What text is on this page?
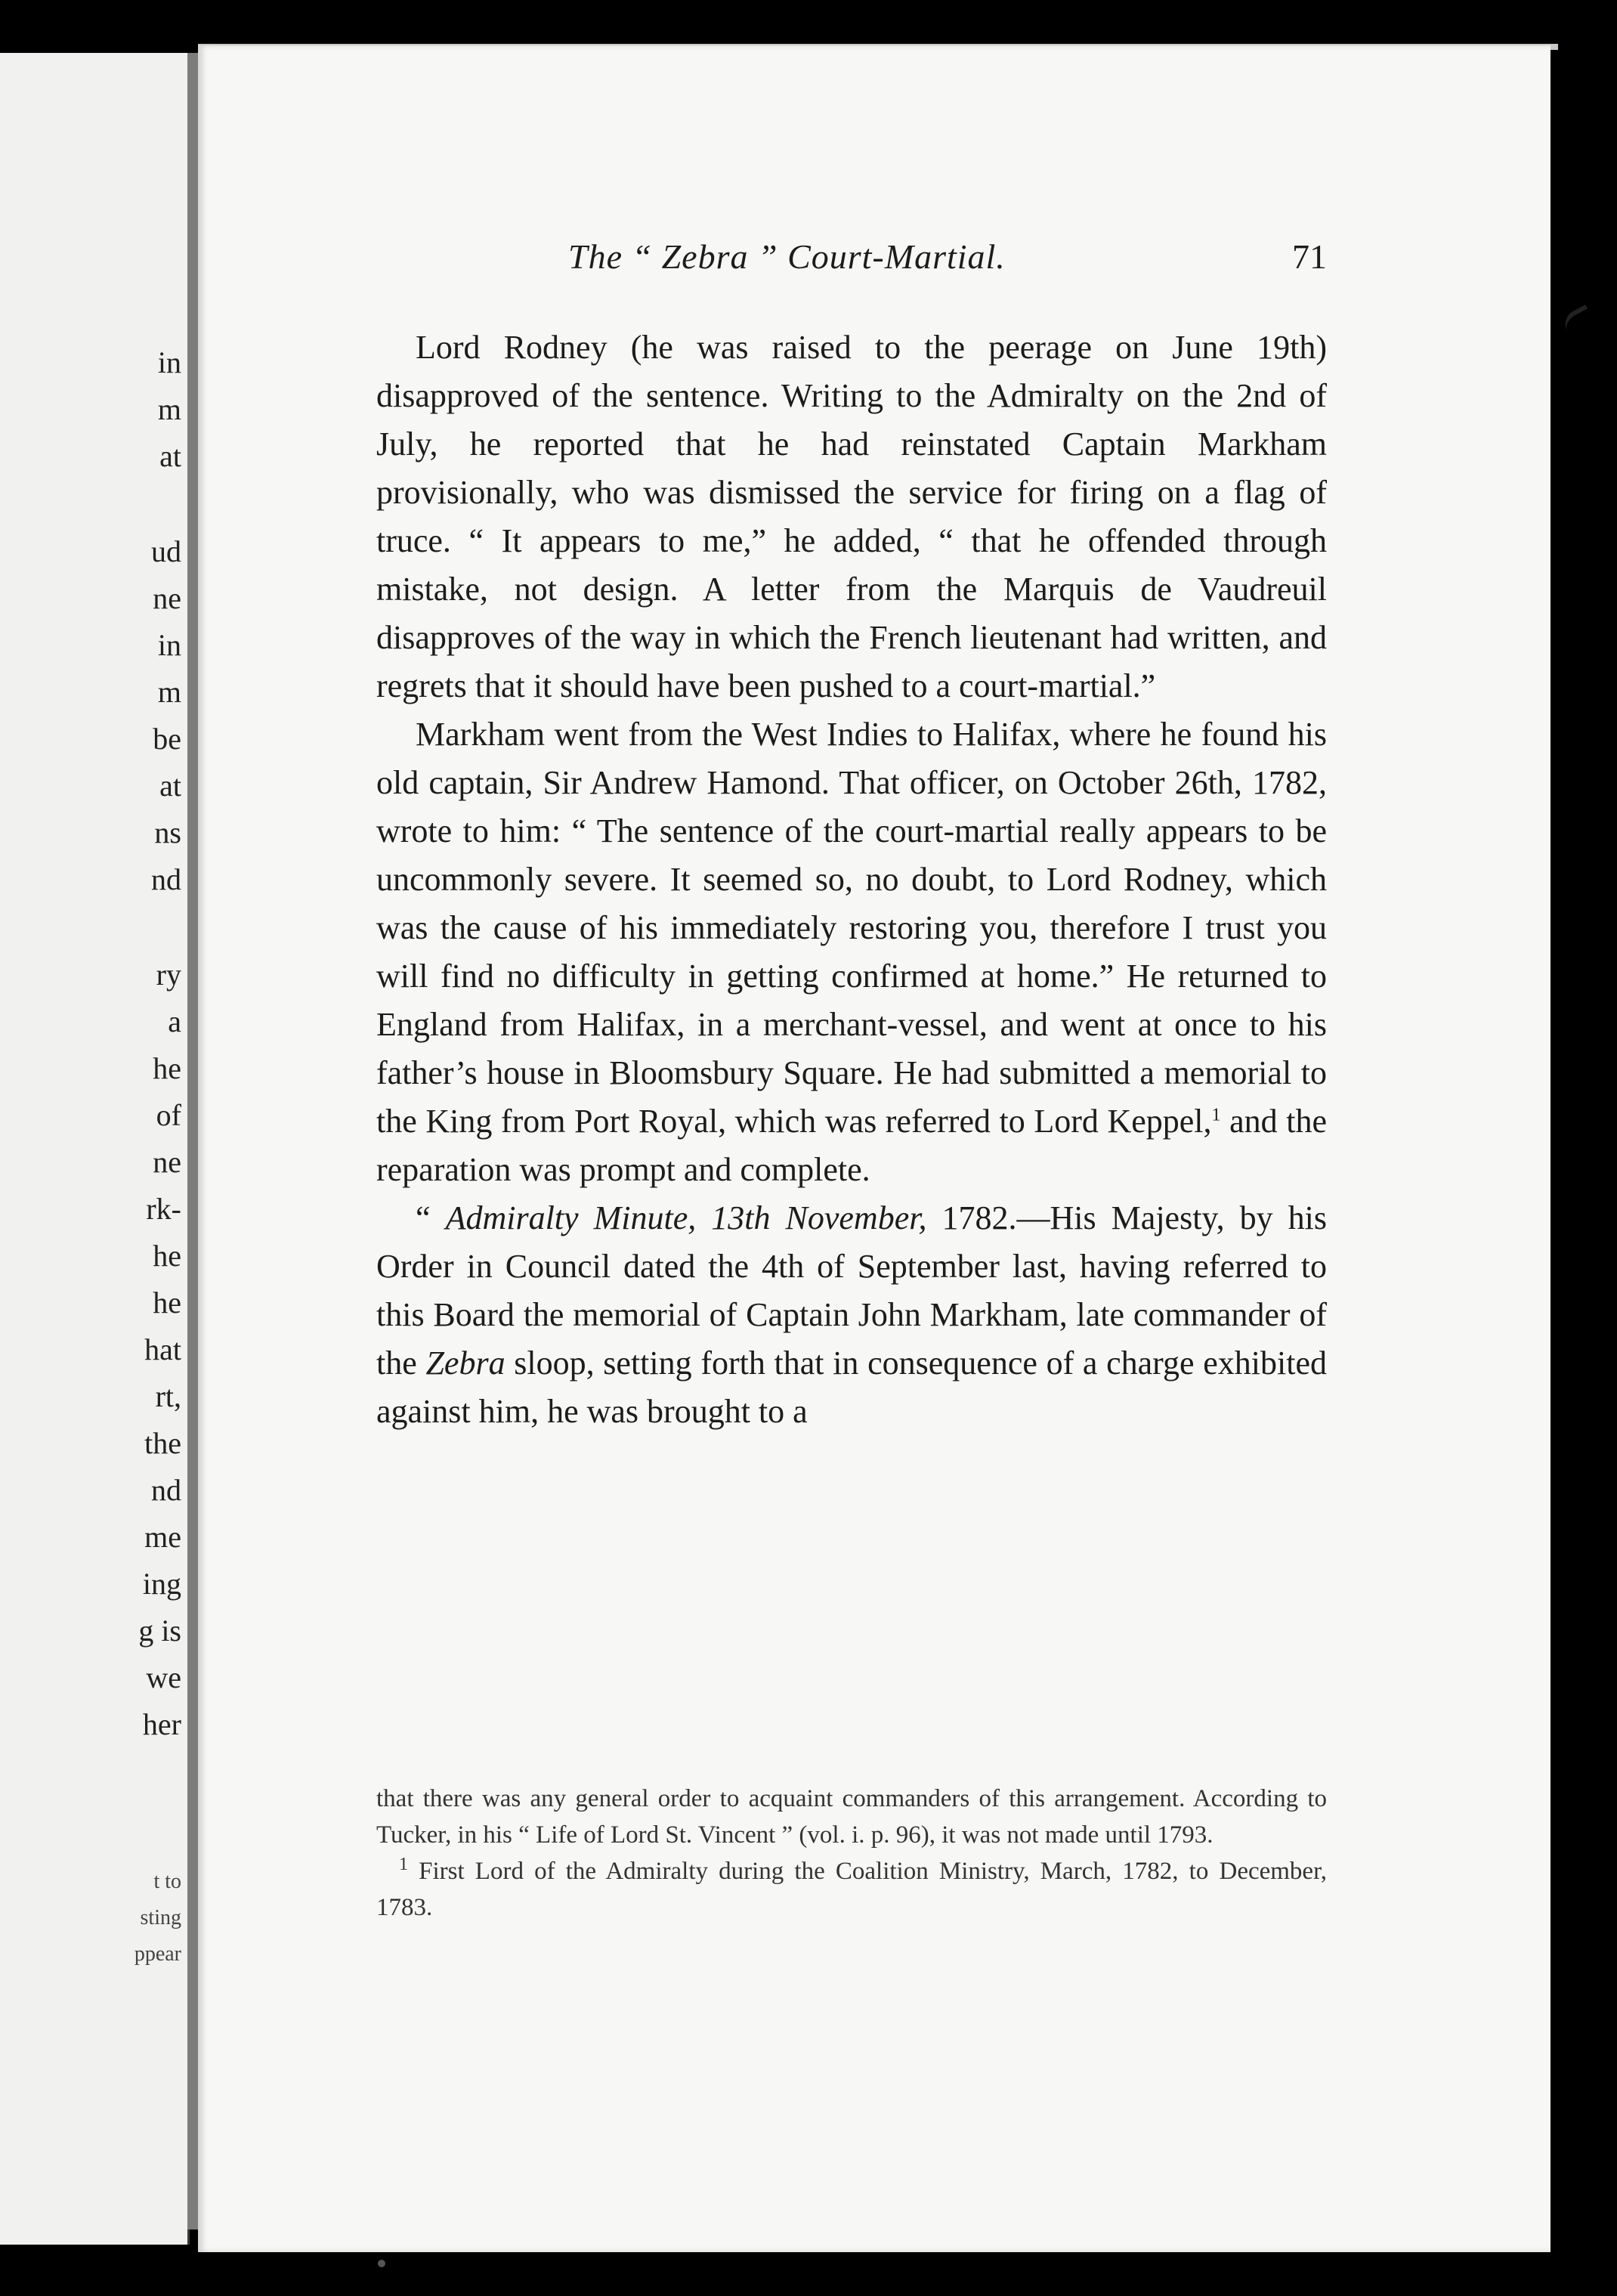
in
m
at
ud
ne
in
m
be
at
ns
nd
ry
a
he
of
ne
rk-
he
he
hat
rt,
the
nd
me
ing
g is
we
her
t to
sting
ppear
The “ Zebra ” Court-Martial.	71

Lord Rodney (he was raised to the peerage on June 19th) disapproved of the sentence. Writing to the Admiralty on the 2nd of July, he reported that he had reinstated Captain Markham provisionally, who was dismissed the service for firing on a flag of truce. “ It appears to me,” he added, “ that he offended through mistake, not design. A letter from the Marquis de Vaudreuil disapproves of the way in which the French lieutenant had written, and regrets that it should have been pushed to a court-martial.”

Markham went from the West Indies to Halifax, where he found his old captain, Sir Andrew Hamond. That officer, on October 26th, 1782, wrote to him: “ The sentence of the court-martial really appears to be uncommonly severe. It seemed so, no doubt, to Lord Rodney, which was the cause of his immediately restoring you, therefore I trust you will find no difficulty in getting confirmed at home.” He returned to England from Halifax, in a merchant-vessel, and went at once to his father’s house in Bloomsbury Square. He had submitted a memorial to the King from Port Royal, which was referred to Lord Keppel,$^1$ and the reparation was prompt and complete.

“ Admiralty Minute, 13th November, 1782.—His Majesty, by his Order in Council dated the 4th of September last, having referred to this Board the memorial of Captain John Markham, late commander of the Zebra sloop, setting forth that in consequence of a charge exhibited against him, he was brought to a

that there was any general order to acquaint commanders of this arrangement. According to Tucker, in his “ Life of Lord St. Vincent ” (vol. i. p. 96), it was not made until 1793.

$^1$ First Lord of the Admiralty during the Coalition Ministry, March, 1782, to December, 1783.
